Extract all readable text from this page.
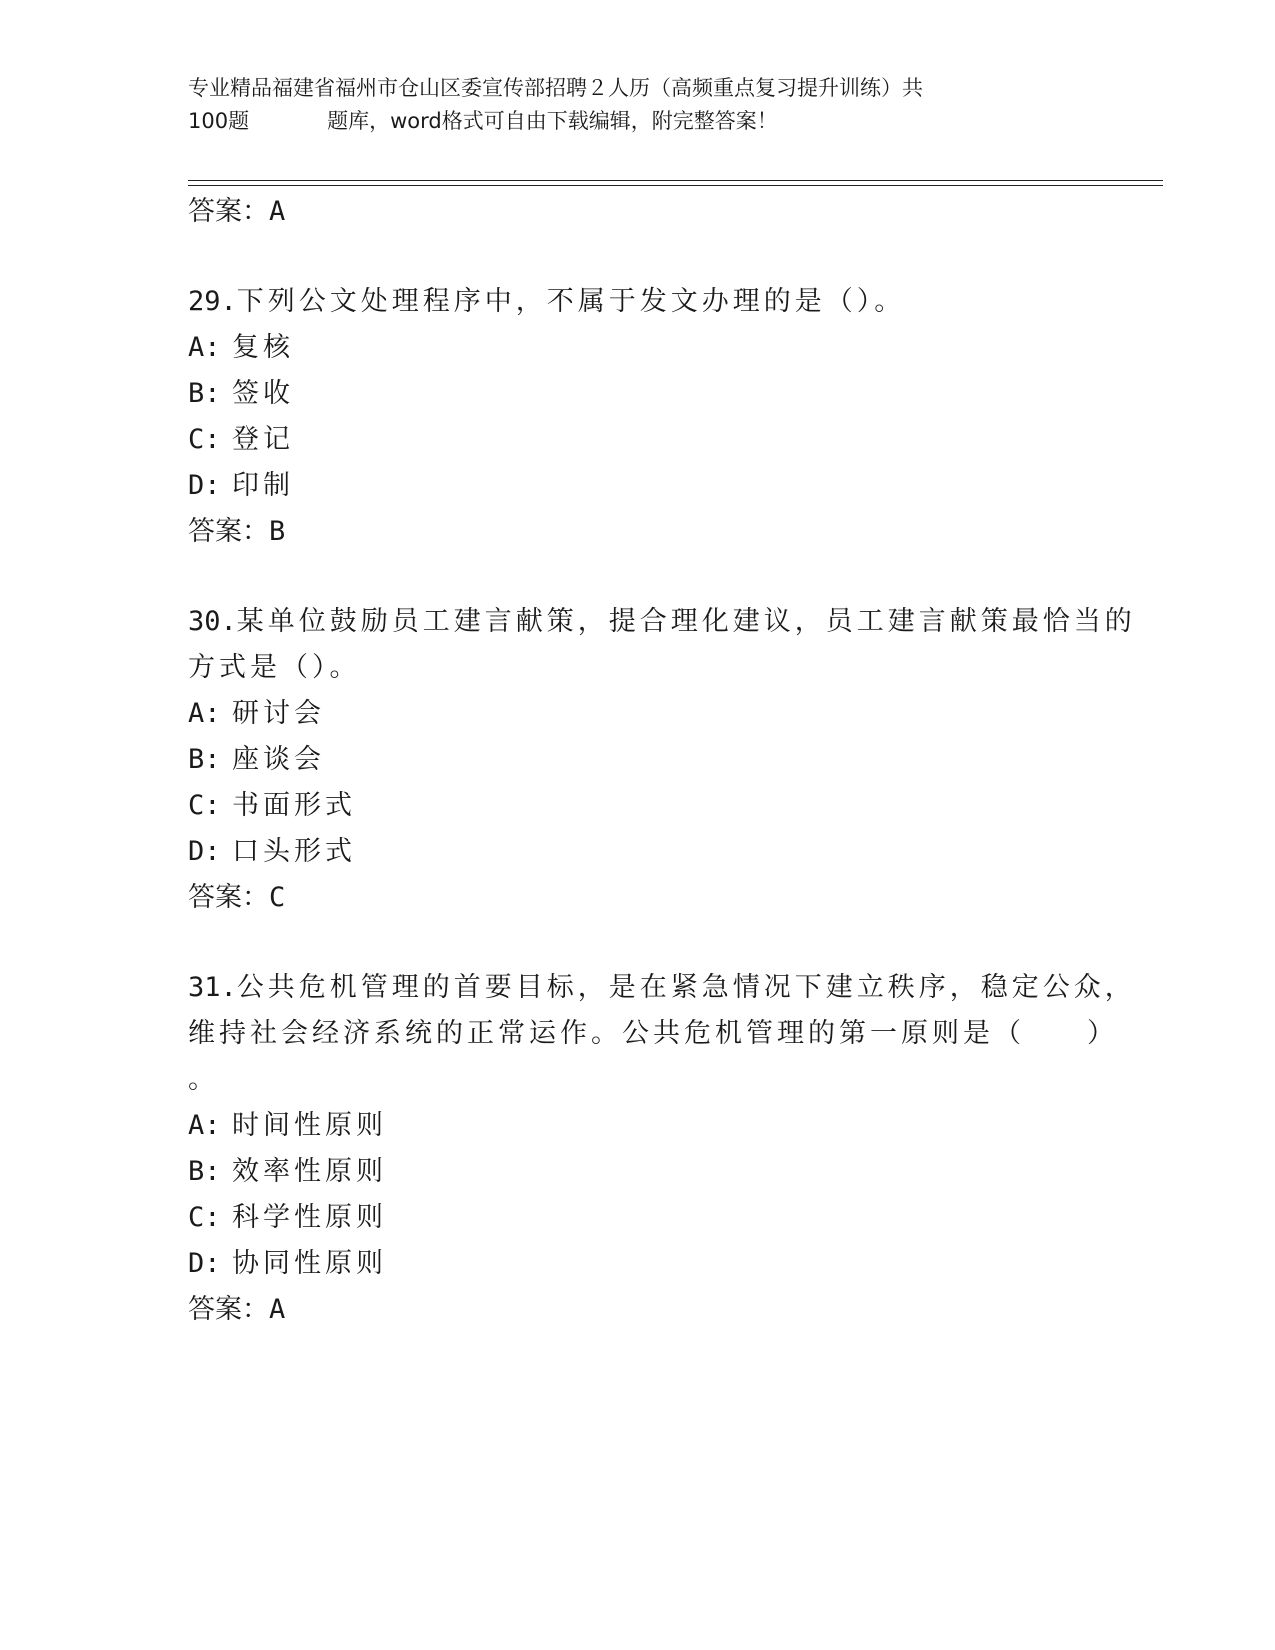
专业精品福建省福州市仓山区委宣传部招聘２人历（高频重点复习提升训练）共
100题	题库，word格式可自由下载编辑，附完整答案！
答案：A
29.下列公文处理程序中，不属于发文办理的是（）。
A: 复核
B: 签收
C: 登记
D: 印制
答案：B
30.某单位鼓励员工建言献策，提合理化建议，员工建言献策最恰当的
方式是（）。
A: 研讨会
B: 座谈会
C: 书面形式
D: 口头形式
答案：C
31.公共危机管理的首要目标，是在紧急情况下建立秩序，稳定公众，
维持社会经济系统的正常运作。公共危机管理的第一原则是（　　）
。
A: 时间性原则
B: 效率性原则
C: 科学性原则
D: 协同性原则
答案：A
